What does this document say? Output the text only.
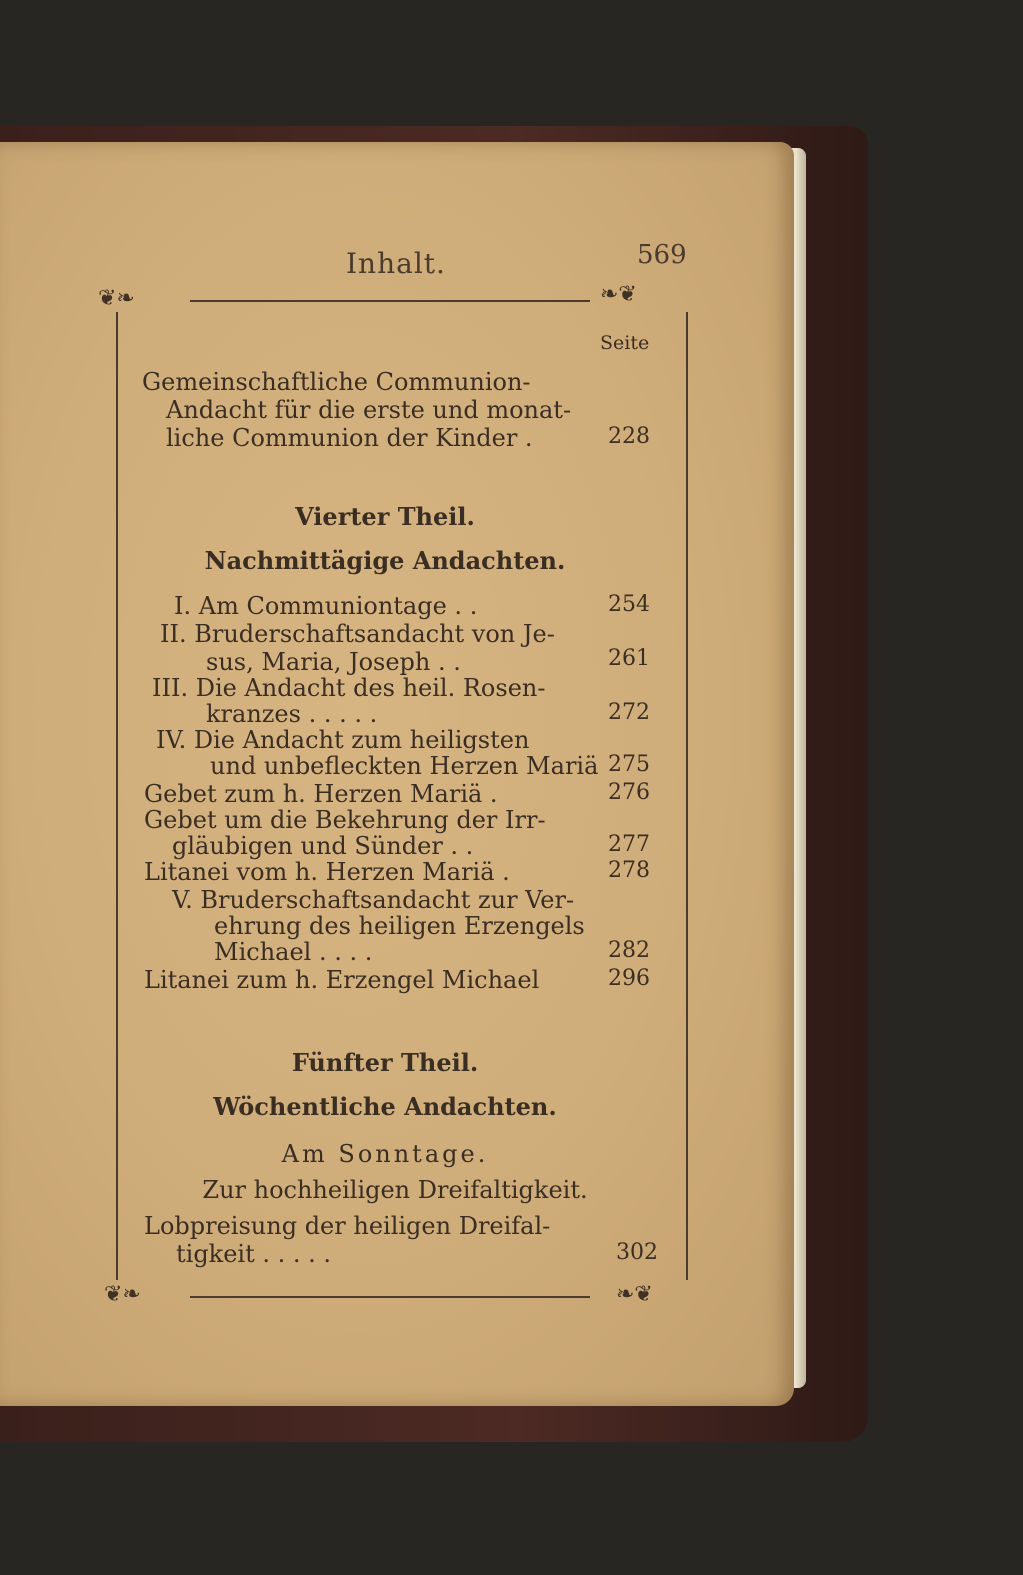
Inhalt.	569
❦❧	❧❦
❦❧	❧❦
Seite
Gemeinschaftliche Communion-
Andacht für die erste und monat-
liche Communion der Kinder .	228
Vierter Theil.
Nachmittägige Andachten.
I. Am Communiontage . .	254
II. Bruderschaftsandacht von Je-
sus, Maria, Joseph . .	261
III. Die Andacht des heil. Rosen-
kranzes . . . . .	272
IV. Die Andacht zum heiligsten
und unbefleckten Herzen Mariä 275
Gebet zum h. Herzen Mariä .	276
Gebet um die Bekehrung der Irr-
gläubigen und Sünder . .	277
Litanei vom h. Herzen Mariä .	278
V. Bruderschaftsandacht zur Ver-
ehrung des heiligen Erzengels
Michael . . . .	282
Litanei zum h. Erzengel Michael	296
Fünfter Theil.
Wöchentliche Andachten.
Am Sonntage.
Zur hochheiligen Dreifaltigkeit.
Lobpreisung der heiligen Dreifal-
tigkeit . . . . .	302
